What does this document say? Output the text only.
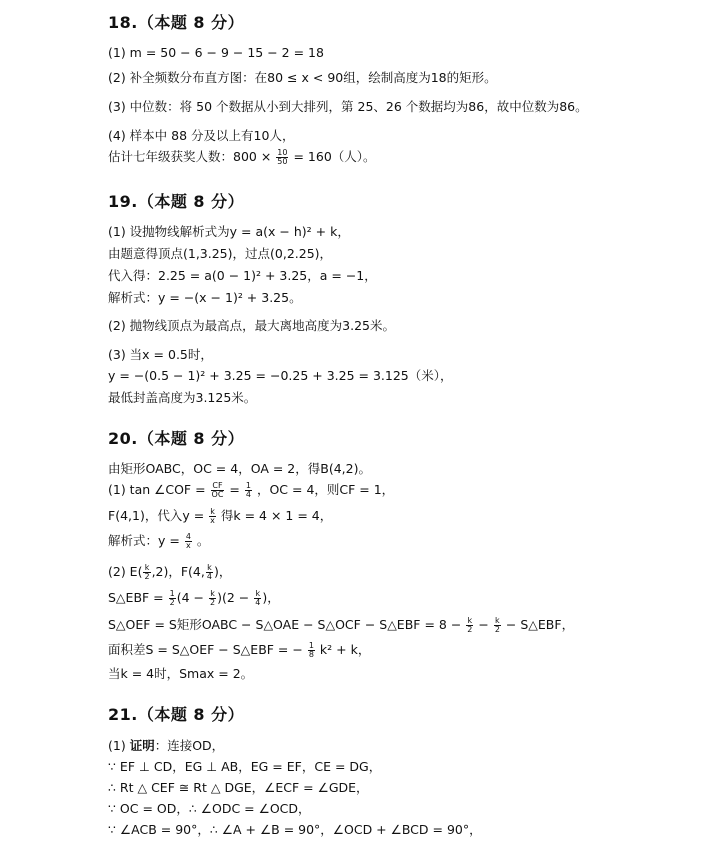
18.（本题 8 分）
(1) m = 50 − 6 − 9 − 15 − 2 = 18
(2) 补全频数分布直方图：在80 ≤ x < 90组，绘制高度为18的矩形。
(3) 中位数：将 50 个数据从小到大排列，第 25、26 个数据均为86，故中位数为86。
(4) 样本中 88 分及以上有10人，
估计七年级获奖人数：$800 \times \frac{10}{50} = 160$（人）。
19.（本题 8 分）
(1) 设抛物线解析式为y = a(x − h)² + k，
由题意得顶点(1,3.25)，过点(0,2.25)，
代入得：2.25 = a(0 − 1)² + 3.25，a = −1，
解析式：y = −(x − 1)² + 3.25。
(2) 抛物线顶点为最高点，最大离地高度为3.25米。
(3) 当x = 0.5时，
y = −(0.5 − 1)² + 3.25 = −0.25 + 3.25 = 3.125（米），
最低封盖高度为3.125米。
20.（本题 8 分）
由矩形OABC，OC = 4，OA = 2，得B(4,2)。
(1) tan ∠COF = $\frac{CF}{OC} = \frac{1}{4}$ ，OC = 4，则CF = 1，
F(4,1)，代入$y = \frac{k}{x}$ 得k = 4 × 1 = 4，
解析式：$y = \frac{4}{x}$ 。
(2) $E( \frac{k}{2} ,2)$，F(4, $\frac{k}{4}$ )，
S△EBF = $\frac{1}{2} (4 - \frac{k}{2} )(2 - \frac{k}{4}$ )，
S△OEF = S矩形OABC − S△OAE − S△OCF − S△EBF = $8 - \frac{k}{2} - \frac{k}{2}$ − S△EBF，
面积差S = S△OEF − S△EBF = − $\frac{1}{8} k^2 + k$，
当k = 4时，Smax = 2。
21.（本题 8 分）
(1) 证明：连接OD，
∵ EF ⊥ CD，EG ⊥ AB，EG = EF，CE = DG，
∴ Rt △ CEF ≅ Rt △ DGE，∠ECF = ∠GDE，
∵ OC = OD，∴ ∠ODC = ∠OCD，
∵ ∠ACB = 90°，∴ ∠A + ∠B = 90°，∠OCD + ∠BCD = 90°，
